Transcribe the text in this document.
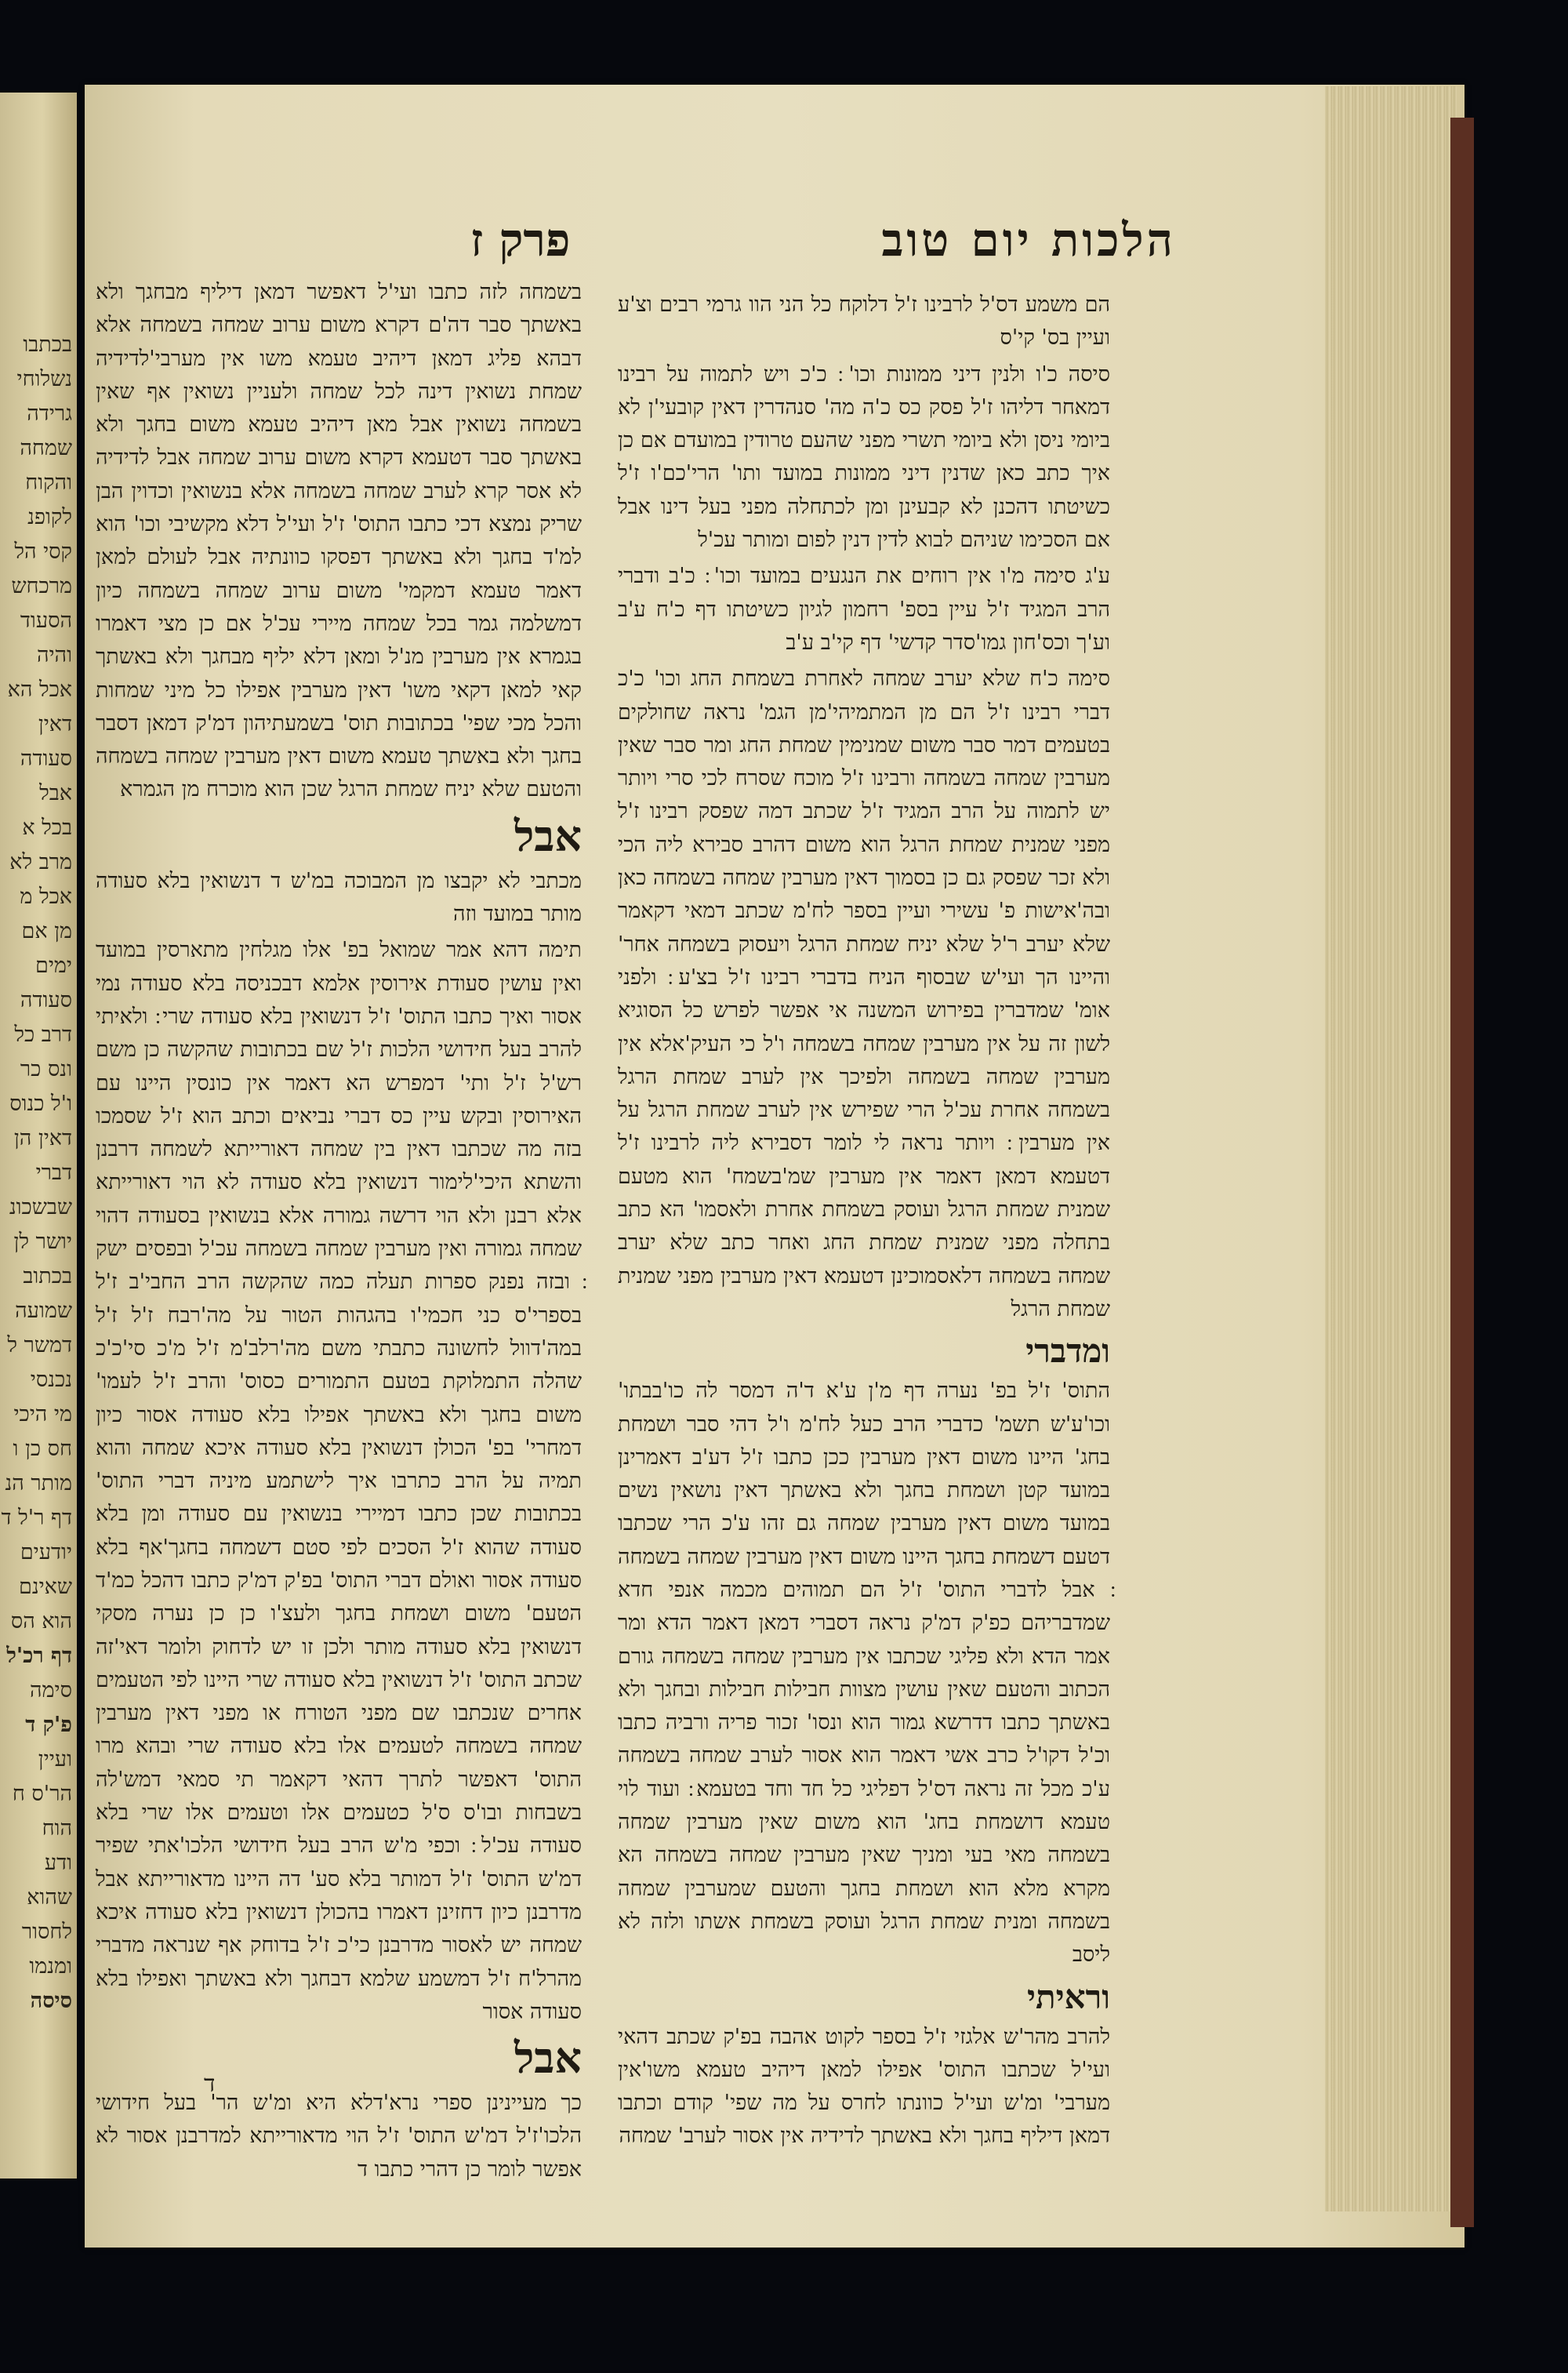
בכתבו
נשלוחי
גרידה
שמחה
והקוח
לקופנ
קסי הל
מרכחש
הסעוד
והיה
אכל הא
דאין
סעודה
אבל
בכל א
מרב לא
אכל מ
מן אם
ימים
סעודה
דרב כל
ונס כר
ו'ל כנוס
דאין הן
דברי
שבשכונ
יושר לן
בכתוב
שמועה
דמשר ל
נכנסי
מי היכי
חס כן ו
מותר הנ
דף ר'ל ד
יודעים
שאינם
הוא הס
דף רכ'ל
סימה
פ'ק ד
ועיין
הר'ס ח
הוח
ודע
שהוא
לחסור
ומנמו
סיסה
הלכות יום טוב
פרק ז

הם משמע דס'ל לרבינו ז'ל דלוקח כל הני הוו גרמי רבים וצ'ע ועיין בס' קי'ס

סיסה כ'ו ולנין דיני ממונות וכו' ׃ כ'כ ויש לתמוה על רבינו דמאחר דליהו ז'ל פסק כס כ'ה מה' סנהדרין דאין קובעי'ן לא ביומי ניסן ולא ביומי תשרי מפני שהעם טרודין במועדם אם כן איך כתב כאן שדנין דיני ממונות במועד ותו' הרי'כם'ו ז'ל כשיטתו דהכנן לא קבעינן ומן לכתחלה מפני בעל דינו אבל אם הסכימו שניהם לבוא לדין דנין לפום ומותר עכ'ל

ע'ג סימה מ'ו אין רוחים את הנגעים במועד וכו' ׃ כ'ב ודברי הרב המגיד ז'ל עיין בספ' רחמון לגיון כשיטתו דף כ'ח ע'ב וע'ך וכס'חון גמו'סדר קדשי' דף קי'ב ע'ב

סימה כ'ח שלא יערב שמחה לאחרת בשמחת החג וכו' כ'כ דברי רבינו ז'ל הם מן המתמיהי'מן הגמ' נראה שחולקים בטעמים דמר סבר משום שמנימין שמחת החג ומר סבר שאין מערבין שמחה בשמחה ורבינו ז'ל מוכח שסרח לכי סרי ויותר יש לתמוה על הרב המגיד ז'ל שכתב דמה שפסק רבינו ז'ל מפני שמנית שמחת הרגל הוא משום דהרב סבירא ליה הכי ולא זכר שפסק גם כן בסמוך דאין מערבין שמחה בשמחה כאן ובה'אישות פ' עשירי ועיין בספר לח'מ שכתב דמאי דקאמר שלא יערב ר'ל שלא יניח שמחת הרגל ויעסוק בשמחה אחר' והיינו הך ועי'ש שבסוף הניח בדברי רבינו ז'ל בצ'ע ׃ ולפני אומ' שמדברין בפירוש המשנה אי אפשר לפרש כל הסוגיא לשון זה על אין מערבין שמחה בשמחה ו'ל כי העיק'אלא אין מערבין שמחה בשמחה ולפיכך אין לערב שמחת הרגל בשמחה אחרת עכ'ל הרי שפירש אין לערב שמחת הרגל על אין מערבין ׃ ויותר נראה לי לומר דסבירא ליה לרבינו ז'ל דטעמא דמאן דאמר אין מערבין שמ'בשמח' הוא מטעם שמנית שמחת הרגל ועוסק בשמחת אחרת ולאסמו' הא כתב בתחלה מפני שמנית שמחת החג ואחר כתב שלא יערב שמחה בשמחה דלאסמוכינן דטעמא דאין מערבין מפני שמנית שמחת הרגל

ומדברי

התוס' ז'ל בפ' נערה דף מ'ן ע'א ד'ה דמסר לה כו'בבתו' וכו'ע'ש תשמ' כדברי הרב כעל לח'מ ו'ל דהי סבר ושמחת בחג' היינו משום דאין מערבין ככן כתבו ז'ל דע'ב דאמרינן במועד קטן ושמחת בחגך ולא באשתך דאין נושאין נשים במועד משום דאין מערבין שמחה גם זהו ע'כ הרי שכתבו דטעם דשמחת בחגך היינו משום דאין מערבין שמחה בשמחה ׃ אבל לדברי התוס' ז'ל הם תמוהים מכמה אנפי חדא שמדבריהם כפ'ק דמ'ק נראה דסברי דמאן דאמר הדא ומר אמר הדא ולא פליגי שכתבו אין מערבין שמחה בשמחה גורם הכתוב והטעם שאין עושין מצוות חבילות חבילות ובחגך ולא באשתך כתבו דדרשא גמור הוא ונסו' זכור פריה ורביה כתבו וכ'ל דקו'ל כרב אשי דאמר הוא אסור לערב שמחה בשמחה ע'כ מכל זה נראה דס'ל דפליגי כל חד וחד בטעמא ׃ ועוד לוי טעמא דושמחת בחג' הוא משום שאין מערבין שמחה בשמחה מאי בעי ומניך שאין מערבין שמחה בשמחה הא מקרא מלא הוא ושמחת בחגך והטעם שמערבין שמחה בשמחה ומנית שמחת הרגל ועוסק בשמחת אשתו ולזה לא ליסב

וראיתי

להרב מהר'ש אלגזי ז'ל בספר לקוט אהבה בפ'ק שכתב דהאי ועי'ל שכתבו התוס' אפילו למאן דיהיב טעמא משו'אין מערבי' ומ'ש ועי'ל כוונתו לחרס על מה שפי' קודם וכתבו דמאן דיליף בחגך ולא באשתך לדידיה אין אסור לערב' שמחה

בשמחה לזה כתבו ועי'ל דאפשר דמאן דיליף מבחגך ולא באשתך סבר דה'ם דקרא משום ערוב שמחה בשמחה אלא דבהא פליג דמאן דיהיב טעמא משו אין מערבי'לדידיה שמחת נשואין דינה לכל שמחה ולעניין נשואין אף שאין בשמחה נשואין אבל מאן דיהיב טעמא משום בחגך ולא באשתך סבר דטעמא דקרא משום ערוב שמחה אבל לדידיה לא אסר קרא לערב שמחה בשמחה אלא בנשואין וכדוין הבן שריק נמצא דכי כתבו התוס' ז'ל ועי'ל דלא מקשיבי וכו' הוא למ'ד בחגך ולא באשתך דפסקו כוונתיה אבל לעולם למאן דאמר טעמא דמקמי' משום ערוב שמחה בשמחה כיון דמשלמה גמר בכל שמחה מיירי עכ'ל אם כן מצי דאמרו בגמרא אין מערבין מנ'ל ומאן דלא יליף מבחגך ולא באשתך קאי למאן דקאי משו' דאין מערבין אפילו כל מיני שמחות והכל מכי שפי' בכתובות תוס' בשמעתיהון דמ'ק דמאן דסבר בחגך ולא באשתך טעמא משום דאין מערבין שמחה בשמחה והטעם שלא יניח שמחת הרגל שכן הוא מוכרח מן הגמרא

אבל

מכתבי לא יקבצו מן המבוכה במ'ש ד דנשואין בלא סעודה מותר במועד וזה

תימה דהא אמר שמואל בפ' אלו מגלחין מתארסין במועד ואין עושין סעודת אירוסין אלמא דבכניסה בלא סעודה נמי אסור ואיך כתבו התוס' ז'ל דנשואין בלא סעודה שרי ׃ ולאיתי להרב בעל חידושי הלכות ז'ל שם בכתובות שהקשה כן משם רש'ל ז'ל ותי' דמפרש הא דאמר אין כונסין היינו עם האירוסין ובקש עיין כס דברי נביאים וכתב הוא ז'ל שסמכו בזה מה שכתבו דאין בין שמחה דאורייתא לשמחה דרבנן והשתא היכי'לימור דנשואין בלא סעודה לא הוי דאורייתא אלא רבנן ולא הוי דרשה גמורה אלא בנשואין בסעודה דהוי שמחה גמורה ואין מערבין שמחה בשמחה עכ'ל ובפסים ישק ׃ ובזה נפנק ספרות תעלה כמה שהקשה הרב החבי'ב ז'ל בספרי'ס כני חכמי'ו בהגהות הטור על מה'רבח ז'ל ז'ל במה'דוול לחשונה כתבתי משם מה'רלב'מ ז'ל מ'כ סי'כ'כ שהלה התמלוקת בטעם התמורים כסוס' והרב ז'ל לעמו' משום בחגך ולא באשתך אפילו בלא סעודה אסור כיון דמחרי' בפ' הכולן דנשואין בלא סעודה איכא שמחה והוא תמיה על הרב כתרבו איך לישתמע מיניה דברי התוס' בכתובות שכן כתבו דמיירי בנשואין עם סעודה ומן בלא סעודה שהוא ז'ל הסכים לפי סטם דשמחה בחגך'אף בלא סעודה אסור ואולם דברי התוס' בפ'ק דמ'ק כתבו דהכל כמ'ד הטעם' משום ושמחת בחגך ולעצ'ו כן כן נערה מסקי דנשואין בלא סעודה מותר ולכן זו יש לדחוק ולומר דאי'זה שכתב התוס' ז'ל דנשואין בלא סעודה שרי היינו לפי הטעמים אחרים שנכתבו שם מפני הטורח או מפני דאין מערבין שמחה בשמחה לטעמים אלו בלא סעודה שרי ובהא מרו התוס' דאפשר לתרך דהאי דקאמר תי סמאי דמש'לה בשבחות ובו'ס ס'ל כטעמים אלו וטעמים אלו שרי בלא סעודה עכ'ל ׃ וכפי מ'ש הרב בעל חידושי הלכו'אתי שפיר דמ'ש התוס' ז'ל דמותר בלא סע' דה היינו מדאורייתא אבל מדרבנן כיון דחזינן דאמרו בהכולן דנשואין בלא סעודה איכא שמחה יש לאסור מדרבנן כי'כ ז'ל בדוחק אף שנראה מדברי מהרל'ח ז'ל דמשמע שלמא דבחגך ולא באשתך ואפילו בלא סעודה אסור

אבל

כך מעיינינן ספרי נרא'דלא היא ומ'ש הר' בעל חידושי הלכו'ז'ל דמ'ש התוס' ז'ל הוי מדאורייתא למדרבנן אסור לא אפשר לומר כן דהרי כתבו ד

ד
